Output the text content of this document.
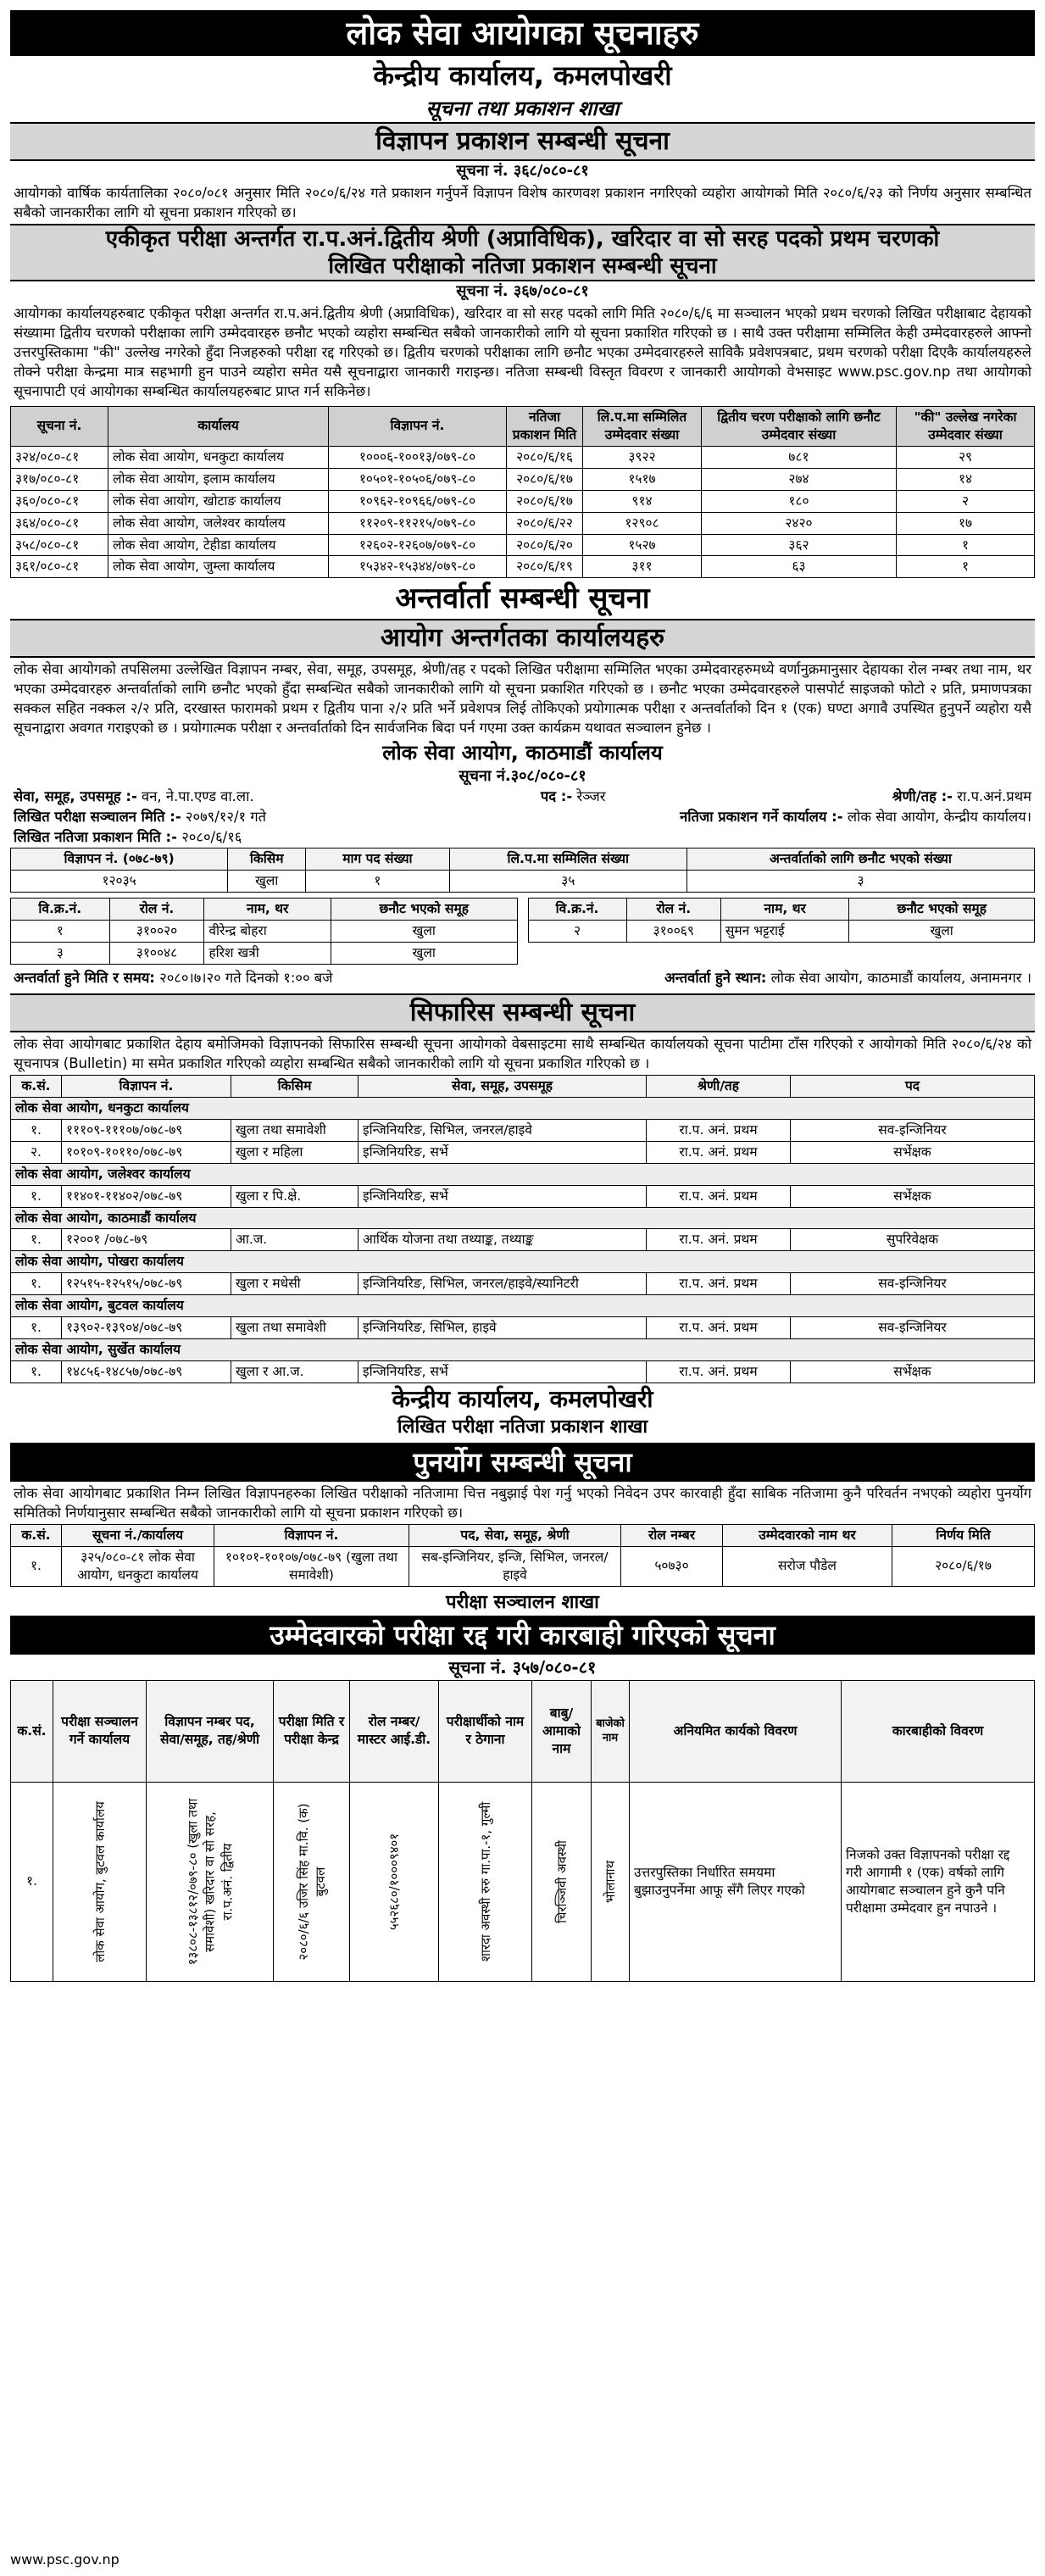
लोक सेवा आयोगका सूचनाहरु
केन्द्रीय कार्यालय, कमलपोखरी
सूचना तथा प्रकाशन शाखा
विज्ञापन प्रकाशन सम्बन्धी सूचना
सूचना नं. ३६८/०८०-८१
आयोगको वार्षिक कार्यतालिका २०८०/०८१ अनुसार मिति २०८०/६/२४ गते प्रकाशन गर्नुपर्ने विज्ञापन विशेष कारणवश प्रकाशन नगरिएको व्यहोरा आयोगको मिति २०८०/६/२३ को निर्णय अनुसार सम्बन्धित सबैको जानकारीका लागि यो सूचना प्रकाशन गरिएको छ।
एकीकृत परीक्षा अन्तर्गत रा.प.अनं.द्वितीय श्रेणी (अप्राविधिक), खरिदार वा सो सरह पदको प्रथम चरणको
लिखित परीक्षाको नतिजा प्रकाशन सम्बन्धी सूचना
सूचना नं. ३६७/०८०-८१
आयोगका कार्यालयहरुबाट एकीकृत परीक्षा अन्तर्गत रा.प.अनं.द्वितीय श्रेणी (अप्राविधिक), खरिदार वा सो सरह पदको लागि मिति २०८०/६/६ मा सञ्चालन भएको प्रथम चरणको लिखित परीक्षाबाट देहायको संख्यामा द्वितीय चरणको परीक्षाका लागि उम्मेदवारहरु छनौट भएको व्यहोरा सम्बन्धित सबैको जानकारीको लागि यो सूचना प्रकाशित गरिएको छ । साथै उक्त परीक्षामा सम्मिलित केही उम्मेदवारहरुले आफ्नो उत्तरपुस्तिकामा "की" उल्लेख नगरेको हुँदा निजहरुको परीक्षा रद्द गरिएको छ। द्वितीय चरणको परीक्षाका लागि छनौट भएका उम्मेदवारहरुले साविकै प्रवेशपत्रबाट, प्रथम चरणको परीक्षा दिएकै कार्यालयहरुले तोक्ने परीक्षा केन्द्रमा मात्र सहभागी हुन पाउने व्यहोरा समेत यसै सूचनाद्वारा जानकारी गराइन्छ। नतिजा सम्बन्धी विस्तृत विवरण र जानकारी आयोगको वेभसाइट www.psc.gov.np तथा आयोगको सूचनापाटी एवं आयोगका सम्बन्धित कार्यालयहरुबाट प्राप्त गर्न सकिनेछ।
सूचना नं.	कार्यालय	विज्ञापन नं.	नतिजा प्रकाशन मिति	लि.प.मा सम्मिलित उम्मेदवार संख्या	द्वितीय चरण परीक्षाको लागि छनौट उम्मेदवार संख्या	"की" उल्लेख नगरेका उम्मेदवार संख्या
३२४/०८०-८१	लोक सेवा आयोग, धनकुटा कार्यालय	१०००६-१००१३/०७९-८०	२०८०/६/१६	३९२२	७८१	२९
३१७/०८०-८१	लोक सेवा आयोग, इलाम कार्यालय	१०५०१-१०५०६/०७९-८०	२०८०/६/१७	१५१७	२७४	१४
३६०/०८०-८१	लोक सेवा आयोग, खोटाङ कार्यालय	१०९६२-१०९६६/०७९-८०	२०८०/६/१७	९१४	१८०	२
३६४/०८०-८१	लोक सेवा आयोग, जलेश्वर कार्यालय	११२०९-११२१५/०७९-८०	२०८०/६/२२	१२९०८	२४२०	१७
३५८/०८०-८१	लोक सेवा आयोग, टेहीडा कार्यालय	१२६०२-१२६०७/०७९-८०	२०८०/६/२०	१५२७	३६२	१
३६१/०८०-८१	लोक सेवा आयोग, जुम्ला कार्यालय	१५३४२-१५३४४/०७९-८०	२०८०/६/१९	३११	६३	१
अन्तर्वार्ता सम्बन्धी सूचना
आयोग अन्तर्गतका कार्यालयहरु
लोक सेवा आयोगको तपसिलमा उल्लेखित विज्ञापन नम्बर, सेवा, समूह, उपसमूह, श्रेणी/तह र पदको लिखित परीक्षामा सम्मिलित भएका उम्मेदवारहरुमध्ये वर्णानुक्रमानुसार देहायका रोल नम्बर तथा नाम, थर भएका उम्मेदवारहरु अन्तर्वार्ताको लागि छनौट भएको हुँदा सम्बन्धित सबैको जानकारीको लागि यो सूचना प्रकाशित गरिएको छ । छनौट भएका उम्मेदवारहरुले पासपोर्ट साइजको फोटो २ प्रति, प्रमाणपत्रका सक्कल सहित नक्कल २/२ प्रति, दरखास्त फारामको प्रथम र द्वितीय पाना २/२ प्रति भर्ने प्रवेशपत्र लिई तोकिएको प्रयोगात्मक परीक्षा र अन्तर्वार्ताको दिन १ (एक) घण्टा अगावै उपस्थित हुनुपर्ने व्यहोरा यसै सूचनाद्वारा अवगत गराइएको छ । प्रयोगात्मक परीक्षा र अन्तर्वार्ताको दिन सार्वजनिक बिदा पर्न गएमा उक्त कार्यक्रम यथावत सञ्चालन हुनेछ ।
लोक सेवा आयोग, काठमाडौं कार्यालय
सूचना नं.३०८/०८०-८१
सेवा, समूह, उपसमूह :- वन, ने.पा.एण्ड वा.ला.	पद :- रेञ्जर	श्रेणी/तह :- रा.प.अनं.प्रथम
लिखित परीक्षा सञ्चालन मिति :- २०७९/१२/१ गते	नतिजा प्रकाशन गर्ने कार्यालय :- लोक सेवा आयोग, केन्द्रीय कार्यालय।
लिखित नतिजा प्रकाशन मिति :- २०८०/६/१६
विज्ञापन नं. (०७८-७९)	किसिम	माग पद संख्या	लि.प.मा सम्मिलित संख्या	अन्तर्वार्ताको लागि छनौट भएको संख्या
१२०३५	खुला	१	३५	३
वि.क्र.नं.	रोल नं.	नाम, थर	छनौट भएको समूह
१	३१००२०	वीरेन्द्र बोहरा	खुला
३	३१००४८	हरिश खत्री	खुला
वि.क्र.नं.	रोल नं.	नाम, थर	छनौट भएको समूह
२	३१००६९	सुमन भट्टराई	खुला
अन्तर्वार्ता हुने मिति र समय: २०८०।७।२० गते दिनको १:०० बजे	अन्तर्वार्ता हुने स्थान: लोक सेवा आयोग, काठमाडौं कार्यालय, अनामनगर ।
सिफारिस सम्बन्धी सूचना
लोक सेवा आयोगबाट प्रकाशित देहाय बमोजिमको विज्ञापनको सिफारिस सम्बन्धी सूचना आयोगको वेबसाइटमा साथै सम्बन्धित कार्यालयको सूचना पाटीमा टाँस गरिएको र आयोगको मिति २०८०/६/२४ को सूचनापत्र (Bulletin) मा समेत प्रकाशित गरिएको व्यहोरा सम्बन्धित सबैको जानकारीको लागि यो सूचना प्रकाशित गरिएको छ ।
क.सं.	विज्ञापन नं.	किसिम	सेवा, समूह, उपसमूह	श्रेणी/तह	पद
लोक सेवा आयोग, धनकुटा कार्यालय					
१.	१११०९-१११०७/०७८-७९	खुला तथा समावेशी	इन्जिनियरिङ, सिभिल, जनरल/हाइवे	रा.प. अनं. प्रथम	सव-इन्जिनियर
२.	१०१०९-१०११०/०७८-७९	खुला र महिला	इन्जिनियरिङ, सर्भे	रा.प. अनं. प्रथम	सर्भेक्षक
लोक सेवा आयोग, जलेश्वर कार्यालय					
१.	११४०१-११४०२/०७८-७९	खुला र पि.क्षे.	इन्जिनियरिङ, सर्भे	रा.प. अनं. प्रथम	सर्भेक्षक
लोक सेवा आयोग, काठमाडौं कार्यालय					
१.	१२००१ /०७८-७९	आ.ज.	आर्थिक योजना तथा तथ्याङ्क, तथ्याङ्क	रा.प. अनं. प्रथम	सुपरिवेक्षक
लोक सेवा आयोग, पोखरा कार्यालय					
१.	१२५१५-१२५१५/०७८-७९	खुला र मधेसी	इन्जिनियरिङ, सिभिल, जनरल/हाइवे/स्यानिटरी	रा.प. अनं. प्रथम	सव-इन्जिनियर
लोक सेवा आयोग, बुटवल कार्यालय					
१.	१३९०२-१३९०४/०७८-७९	खुला तथा समावेशी	इन्जिनियरिङ, सिभिल, हाइवे	रा.प. अनं. प्रथम	सव-इन्जिनियर
लोक सेवा आयोग, सुर्खेत कार्यालय					
१.	१४८५६-१४८५७/०७८-७९	खुला र आ.ज.	इन्जिनियरिङ, सर्भे	रा.प. अनं. प्रथम	सर्भेक्षक
केन्द्रीय कार्यालय, कमलपोखरी
लिखित परीक्षा नतिजा प्रकाशन शाखा
पुनर्योग सम्बन्धी सूचना
लोक सेवा आयोगबाट प्रकाशित निम्न लिखित विज्ञापनहरुका लिखित परीक्षाको नतिजामा चित्त नबुझाई पेश गर्नु भएको निवेदन उपर कारवाही हुँदा साबिक नतिजामा कुनै परिवर्तन नभएको व्यहोरा पुनर्योग समितिको निर्णयानुसार सम्बन्धित सबैको जानकारीको लागि यो सूचना प्रकाशन गरिएको छ।
क.सं.	सूचना नं./कार्यालय	विज्ञापन नं.	पद, सेवा, समूह, श्रेणी	रोल नम्बर	उम्मेदवारको नाम थर	निर्णय मिति
१.	३२५/०८०-८१ लोक सेवा आयोग, धनकुटा कार्यालय	१०१०१-१०१०७/०७८-७९ (खुला तथा समावेशी)	सब-इन्जिनियर, इन्जि, सिभिल, जनरल/हाइवे	५०७३०	सरोज पौडेल	२०८०/६/१७
परीक्षा सञ्चालन शाखा
उम्मेदवारको परीक्षा रद्द गरी कारबाही गरिएको सूचना
सूचना नं. ३५७/०८०-८१
क.सं.	परीक्षा सञ्चालन गर्ने कार्यालय	विज्ञापन नम्बर पद, सेवा/समूह, तह/श्रेणी	परीक्षा मिति र परीक्षा केन्द्र	रोल नम्बर/मास्टर आई.डी.	परीक्षार्थीको नाम र ठेगाना	बाबु/आमाको नाम	बाजेको नाम	अनियमित कार्यको विवरण	कारबाहीको विवरण
१.	लोक सेवा आयोग, बुटवल कार्यालय	१३८०८-१३८१२/०७९-८० (खुला तथा समावेशी) खरिदार वा सो सरह, रा.प.अनं. द्वितीय	२०८०/६/६ उजिर सिंह मा.वि. (क) बुटवल	५५२६८०/१०००९४०१	शारदा अवस्थी रुरु गा.पा.-१, गुल्मी	चिरञ्जिवी अवस्थी	भोलानाथ	उत्तरपुस्तिका निर्धारित समयमा बुझाउनुपर्नेमा आफू सँगै लिएर गएको	निजको उक्त विज्ञापनको परीक्षा रद्द गरी आगामी १ (एक) वर्षको लागि आयोगबाट सञ्चालन हुने कुनै पनि परीक्षामा उम्मेदवार हुन नपाउने ।
www.psc.gov.np
